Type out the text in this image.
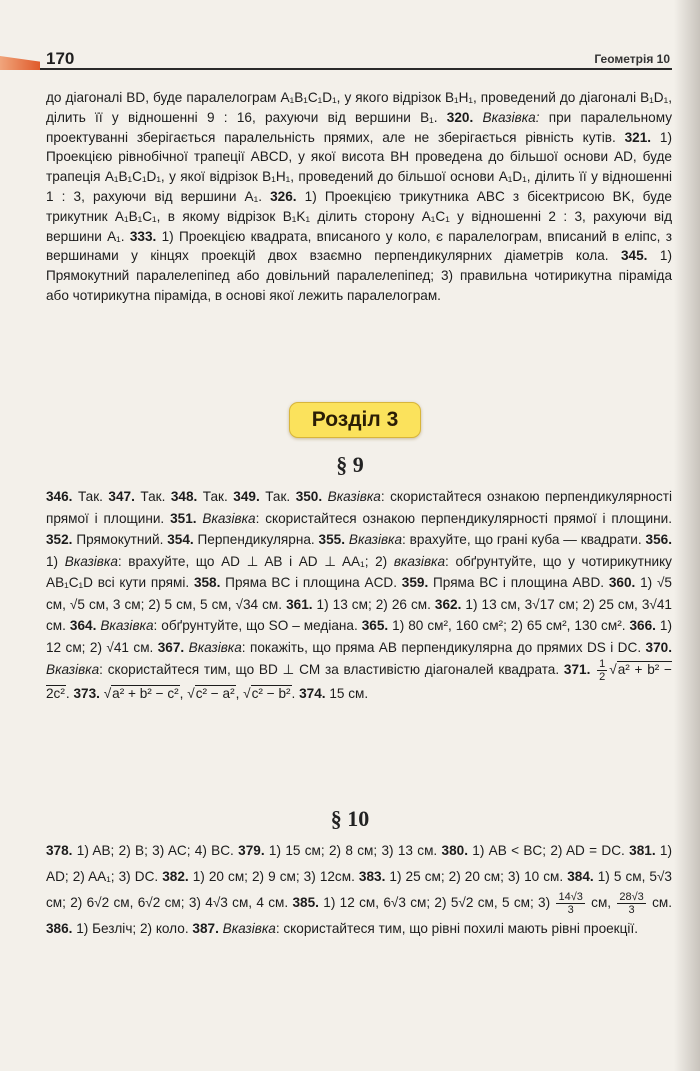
170	Геометрія 10
до діагоналі BD, буде паралелограм A₁B₁C₁D₁, у якого відрізок B₁H₁, проведений до діагоналі B₁D₁, ділить її у відношенні 9 : 16, рахуючи від вершини B₁. 320. Вказівка: при паралельному проектуванні зберігається паралельність прямих, але не зберігається рівність кутів. 321. 1) Проекцією рівнобічної трапеції ABCD, у якої висота BH проведена до більшої основи AD, буде трапеція A₁B₁C₁D₁, у якої відрізок B₁H₁, проведений до більшої основи A₁D₁, ділить її у відношенні 1 : 3, рахуючи від вершини A₁. 326. 1) Проекцією трикутника ABC з бісектрисою BK, буде трикутник A₁B₁C₁, в якому відрізок B₁K₁ ділить сторону A₁C₁ у відношенні 2 : 3, рахуючи від вершини A₁. 333. 1) Проекцією квадрата, вписаного у коло, є паралелограм, вписаний в еліпс, з вершинами у кінцях проекцій двох взаємно перпендикулярних діаметрів кола. 345. 1) Прямокутний паралелепіпед або довільний паралелепіпед; 3) правильна чотирикутна піраміда або чотирикутна піраміда, в основі якої лежить паралелограм.
Розділ 3
§ 9
346. Так. 347. Так. 348. Так. 349. Так. 350. Вказівка: скористайтеся ознакою перпендикулярності прямої і площини. 351. Вказівка: скористайтеся ознакою перпендикулярності прямої і площини. 352. Прямокутний. 354. Перпендикулярна. 355. Вказівка: врахуйте, що грані куба — квадрати. 356. 1) Вказівка: врахуйте, що AD ⊥ AB і AD ⊥ AA₁; 2) вказівка: обґрунтуйте, що у чотирикутнику AB₁C₁D всі кути прямі. 358. Пряма BC і площина ACD. 359. Пряма BC і площина ABD. 360. 1) √5 см, √5 см, 3 см; 2) 5 см, 5 см, √34 см. 361. 1) 13 см; 2) 26 см. 362. 1) 13 см, 3√17 см; 2) 25 см, 3√41 см. 364. Вказівка: обґрунтуйте, що SO – медіана. 365. 1) 80 см², 160 см²; 2) 65 см², 130 см². 366. 1) 12 см; 2) √41 см. 367. Вказівка: покажіть, що пряма AB перпендикулярна до прямих DS і DC. 370. Вказівка: скористайтеся тим, що BD ⊥ CM за властивістю діагоналей квадрата. 371. $\frac{1}{2} √a^2 + b^2 - 2c^2$. 373. √a² + b² − c², √c² − a², √c² − b². 374. 15 см.
§ 10
378. 1) AB; 2) B; 3) AC; 4) BC. 379. 1) 15 см; 2) 8 см; 3) 13 см. 380. 1) AB < BC; 2) AD = DC. 381. 1) AD; 2) AA₁; 3) DC. 382. 1) 20 см; 2) 9 см; 3) 12см. 383. 1) 25 см; 2) 20 см; 3) 10 см. 384. 1) 5 см, 5√3 см; 2) 6√2 см, 6√2 см; 3) 4√3 см, 4 см. 385. 1) 12 см, 6√3 см; 2) 5√2 см, 5 см; $3) \frac{14√3}{3}$ см, $\frac{28√3}{3}$ см. 386. 1) Безліч; 2) коло. 387. Вказівка: скористайтеся тим, що рівні похилі мають рівні проекції.
